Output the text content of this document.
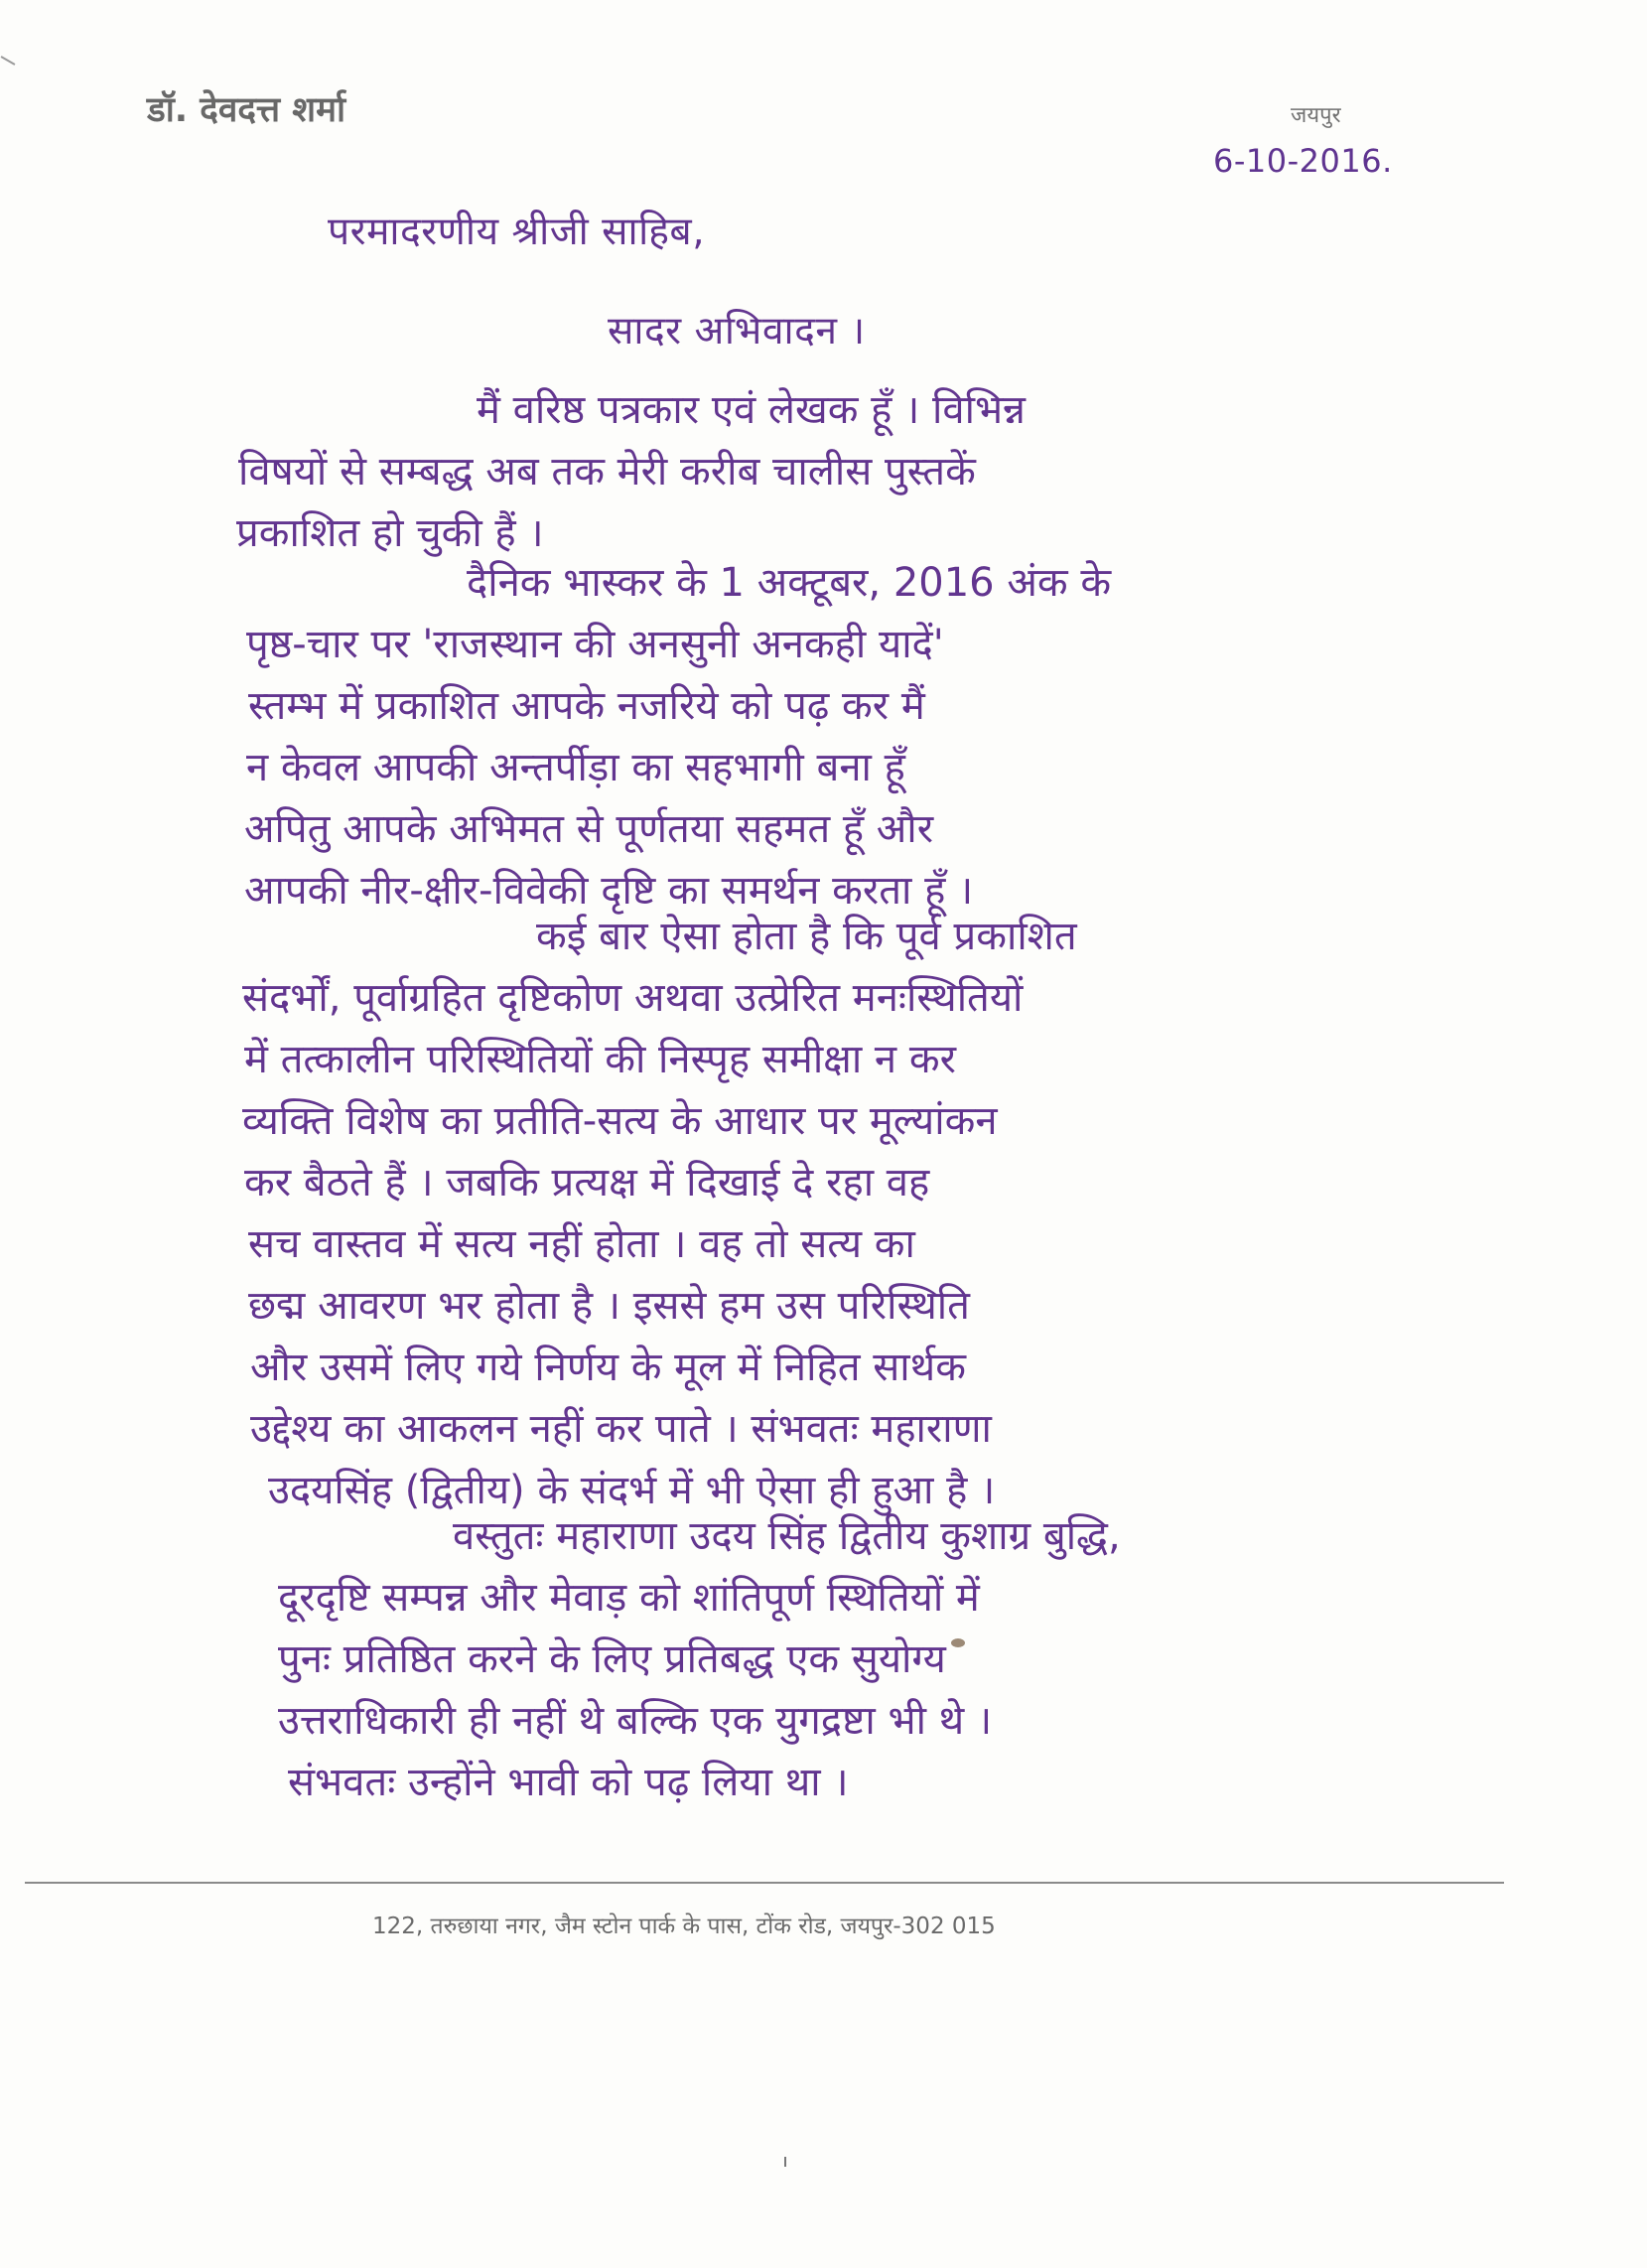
डॉ. देवदत्त शर्मा	जयपुर
6-10-2016.
परमादरणीय श्रीजी साहिब,
सादर अभिवादन ।
मैं वरिष्ठ पत्रकार एवं लेखक हूँ । विभिन्न
विषयों से सम्बद्ध अब तक मेरी करीब चालीस पुस्तकें
प्रकाशित हो चुकी हैं ।
दैनिक भास्कर के 1 अक्टूबर, 2016 अंक के
पृष्ठ-चार पर 'राजस्थान की अनसुनी अनकही यादें'
स्तम्भ में प्रकाशित आपके नजरिये को पढ़ कर मैं
न केवल आपकी अन्तर्पीड़ा का सहभागी बना हूँ
अपितु आपके अभिमत से पूर्णतया सहमत हूँ और
आपकी नीर-क्षीर-विवेकी दृष्टि का समर्थन करता हूँ ।
कई बार ऐसा होता है कि पूर्व प्रकाशित
संदर्भों, पूर्वाग्रहित दृष्टिकोण अथवा उत्प्रेरित मनःस्थितियों
में तत्कालीन परिस्थितियों की निस्पृह समीक्षा न कर
व्यक्ति विशेष का प्रतीति-सत्य के आधार पर मूल्यांकन
कर बैठते हैं । जबकि प्रत्यक्ष में दिखाई दे रहा वह
सच वास्तव में सत्य नहीं होता । वह तो सत्य का
छद्म आवरण भर होता है । इससे हम उस परिस्थिति
और उसमें लिए गये निर्णय के मूल में निहित सार्थक
उद्देश्य का आकलन नहीं कर पाते । संभवतः महाराणा
उदयसिंह (द्वितीय) के संदर्भ में भी ऐसा ही हुआ है ।
वस्तुतः महाराणा उदय सिंह द्वितीय कुशाग्र बुद्धि,
दूरदृष्टि सम्पन्न और मेवाड़ को शांतिपूर्ण स्थितियों में
पुनः प्रतिष्ठित करने के लिए प्रतिबद्ध एक सुयोग्य
उत्तराधिकारी ही नहीं थे बल्कि एक युगद्रष्टा भी थे ।
संभवतः उन्होंने भावी को पढ़ लिया था ।
122, तरुछाया नगर, जैम स्टोन पार्क के पास, टोंक रोड, जयपुर-302 015
